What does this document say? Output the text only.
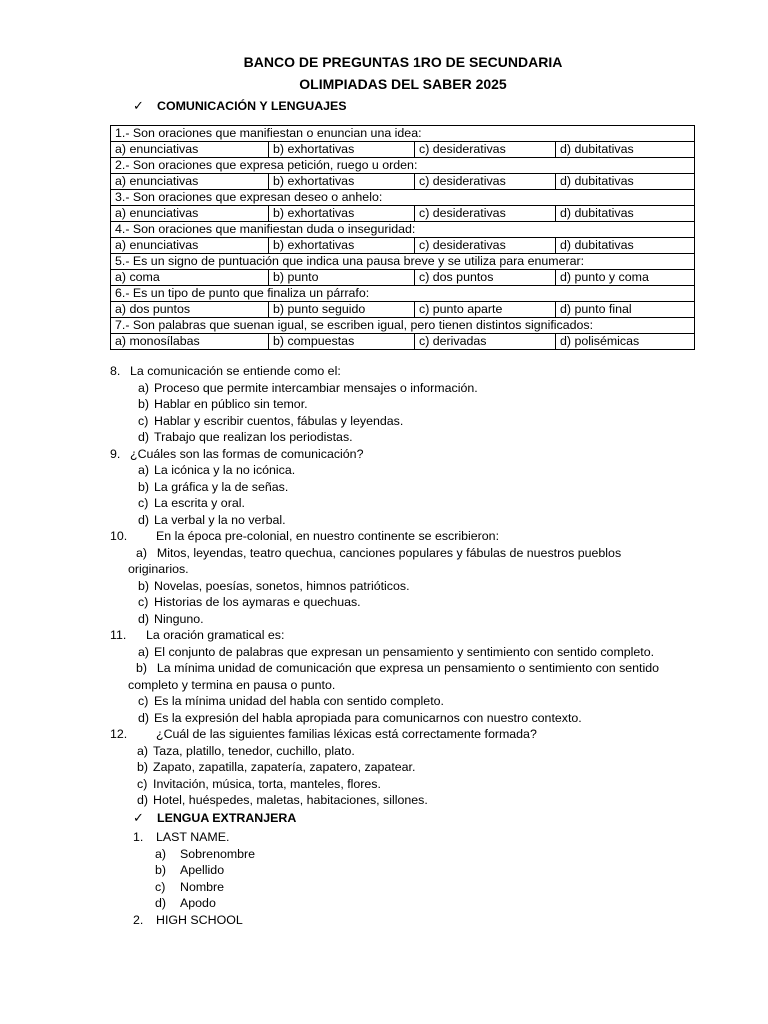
BANCO DE PREGUNTAS 1RO DE SECUNDARIA
OLIMPIADAS DEL SABER 2025
✓	COMUNICACIÓN Y LENGUAJES
1.- Son oraciones que manifiestan o enuncian una idea:			
a) enunciativas	b) exhortativas	c) desiderativas	d) dubitativas
2.- Son oraciones que expresa petición, ruego u orden:			
a) enunciativas	b) exhortativas	c) desiderativas	d) dubitativas
3.- Son oraciones que expresan deseo o anhelo:			
a) enunciativas	b) exhortativas	c) desiderativas	d) dubitativas
4.- Son oraciones que manifiestan duda o inseguridad:			
a) enunciativas	b) exhortativas	c) desiderativas	d) dubitativas
5.- Es un signo de puntuación que indica una pausa breve y se utiliza para enumerar:			
a) coma	b) punto	c) dos puntos	d) punto y coma
6.- Es un tipo de punto que finaliza un párrafo:			
a) dos puntos	b) punto seguido	c) punto aparte	d) punto final
7.- Son palabras que suenan igual, se escriben igual, pero tienen distintos significados:			
a) monosílabas	b) compuestas	c) derivadas	d) polisémicas
8. La comunicación se entiende como el:
a) Proceso que permite intercambiar mensajes o información.
b) Hablar en público sin temor.
c) Hablar y escribir cuentos, fábulas y leyendas.
d) Trabajo que realizan los periodistas.
9. ¿Cuáles son las formas de comunicación?
a) La icónica y la no icónica.
b) La gráfica y la de señas.
c) La escrita y oral.
d) La verbal y la no verbal.
10.	En la época pre-colonial, en nuestro continente se escribieron:
a)
Mitos, leyendas, teatro quechua, canciones populares y fábulas de nuestros pueblos
originarios.
b) Novelas, poesías, sonetos, himnos patrióticos.
c) Historias de los aymaras e quechuas.
d) Ninguno.
11.	La oración gramatical es:
a) El conjunto de palabras que expresan un pensamiento y sentimiento con sentido completo.
b)
La mínima unidad de comunicación que expresa un pensamiento o sentimiento con sentido
completo y termina en pausa o punto.
c) Es la mínima unidad del habla con sentido completo.
d) Es la expresión del habla apropiada para comunicarnos con nuestro contexto.
12.	¿Cuál de las siguientes familias léxicas está correctamente formada?
a) Taza, platillo, tenedor, cuchillo, plato.
b) Zapato, zapatilla, zapatería, zapatero, zapatear.
c) Invitación, música, torta, manteles, flores.
d) Hotel, huéspedes, maletas, habitaciones, sillones.
✓	LENGUA EXTRANJERA
1.	LAST NAME.
a)	Sobrenombre
b)	Apellido
c)	Nombre
d)	Apodo
2.	HIGH SCHOOL
